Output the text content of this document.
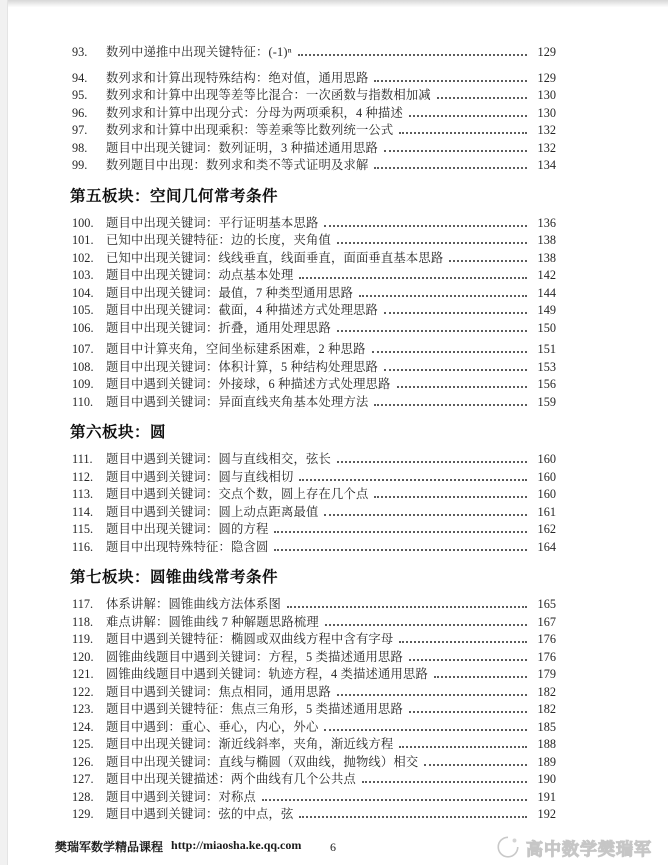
93.	数列中递推中出现关键特征：(-1)ⁿ	129
94.	数列求和计算出现特殊结构：绝对值，通用思路	129
95.	数列求和计算中出现等差等比混合：一次函数与指数相加减	130
96.	数列求和计算中出现分式：分母为两项乘积，4 种描述	130
97.	数列求和计算中出现乘积：等差乘等比数列统一公式	132
98.	题目中出现关键词：数列证明，3 种描述通用思路	132
99.	数列题目中出现：数列求和类不等式证明及求解	134
第五板块：空间几何常考条件
100.	题目中出现关键词：平行证明基本思路	136
101.	已知中出现关键特征：边的长度，夹角值	138
102.	已知中出现关键词：线线垂直，线面垂直，面面垂直基本思路	138
103.	题目中出现关键词：动点基本处理	142
104.	题目中出现关键词：最值，7 种类型通用思路	144
105.	题目中出现关键词：截面，4 种描述方式处理思路	149
106.	题目中出现关键词：折叠，通用处理思路	150
107.	题目中计算夹角，空间坐标建系困难，2 种思路	151
108.	题目中出现关键词：体积计算，5 种结构处理思路	153
109.	题目中遇到关键词：外接球，6 种描述方式处理思路	156
110.	题目中遇到关键词：异面直线夹角基本处理方法	159
第六板块：圆
111.	题目中遇到关键词：圆与直线相交，弦长	160
112.	题目中遇到关键词：圆与直线相切	160
113.	题目中遇到关键词：交点个数，圆上存在几个点	160
114.	题目中遇到关键词：圆上动点距离最值	161
115.	题目中出现关键词：圆的方程	162
116.	题目中出现特殊特征：隐含圆	164
第七板块：圆锥曲线常考条件
117.	体系讲解：圆锥曲线方法体系图	165
118.	难点讲解：圆锥曲线 7 种解题思路梳理	167
119.	题目中遇到关键特征：椭圆或双曲线方程中含有字母	176
120.	圆锥曲线题目中遇到关键词：方程，5 类描述通用思路	176
121.	圆锥曲线题目中遇到关键词：轨迹方程，4 类描述通用思路	179
122.	题目中遇到关键词：焦点相同，通用思路	182
123.	题目中遇到关键特征：焦点三角形，5 类描述通用思路	182
124.	题目中遇到：重心、垂心，内心，外心	185
125.	题目中出现关键词：渐近线斜率，夹角，渐近线方程	188
126.	题目中出现关键词：直线与椭圆（双曲线，抛物线）相交	189
127.	题目中出现关键描述：两个曲线有几个公共点	190
128.	题目中遇到关键词：对称点	191
129.	题目中遇到关键词：弦的中点，弦	192
樊瑞军数学精品课程 http://miaosha.ke.qq.com 6	高中数学樊瑞军
